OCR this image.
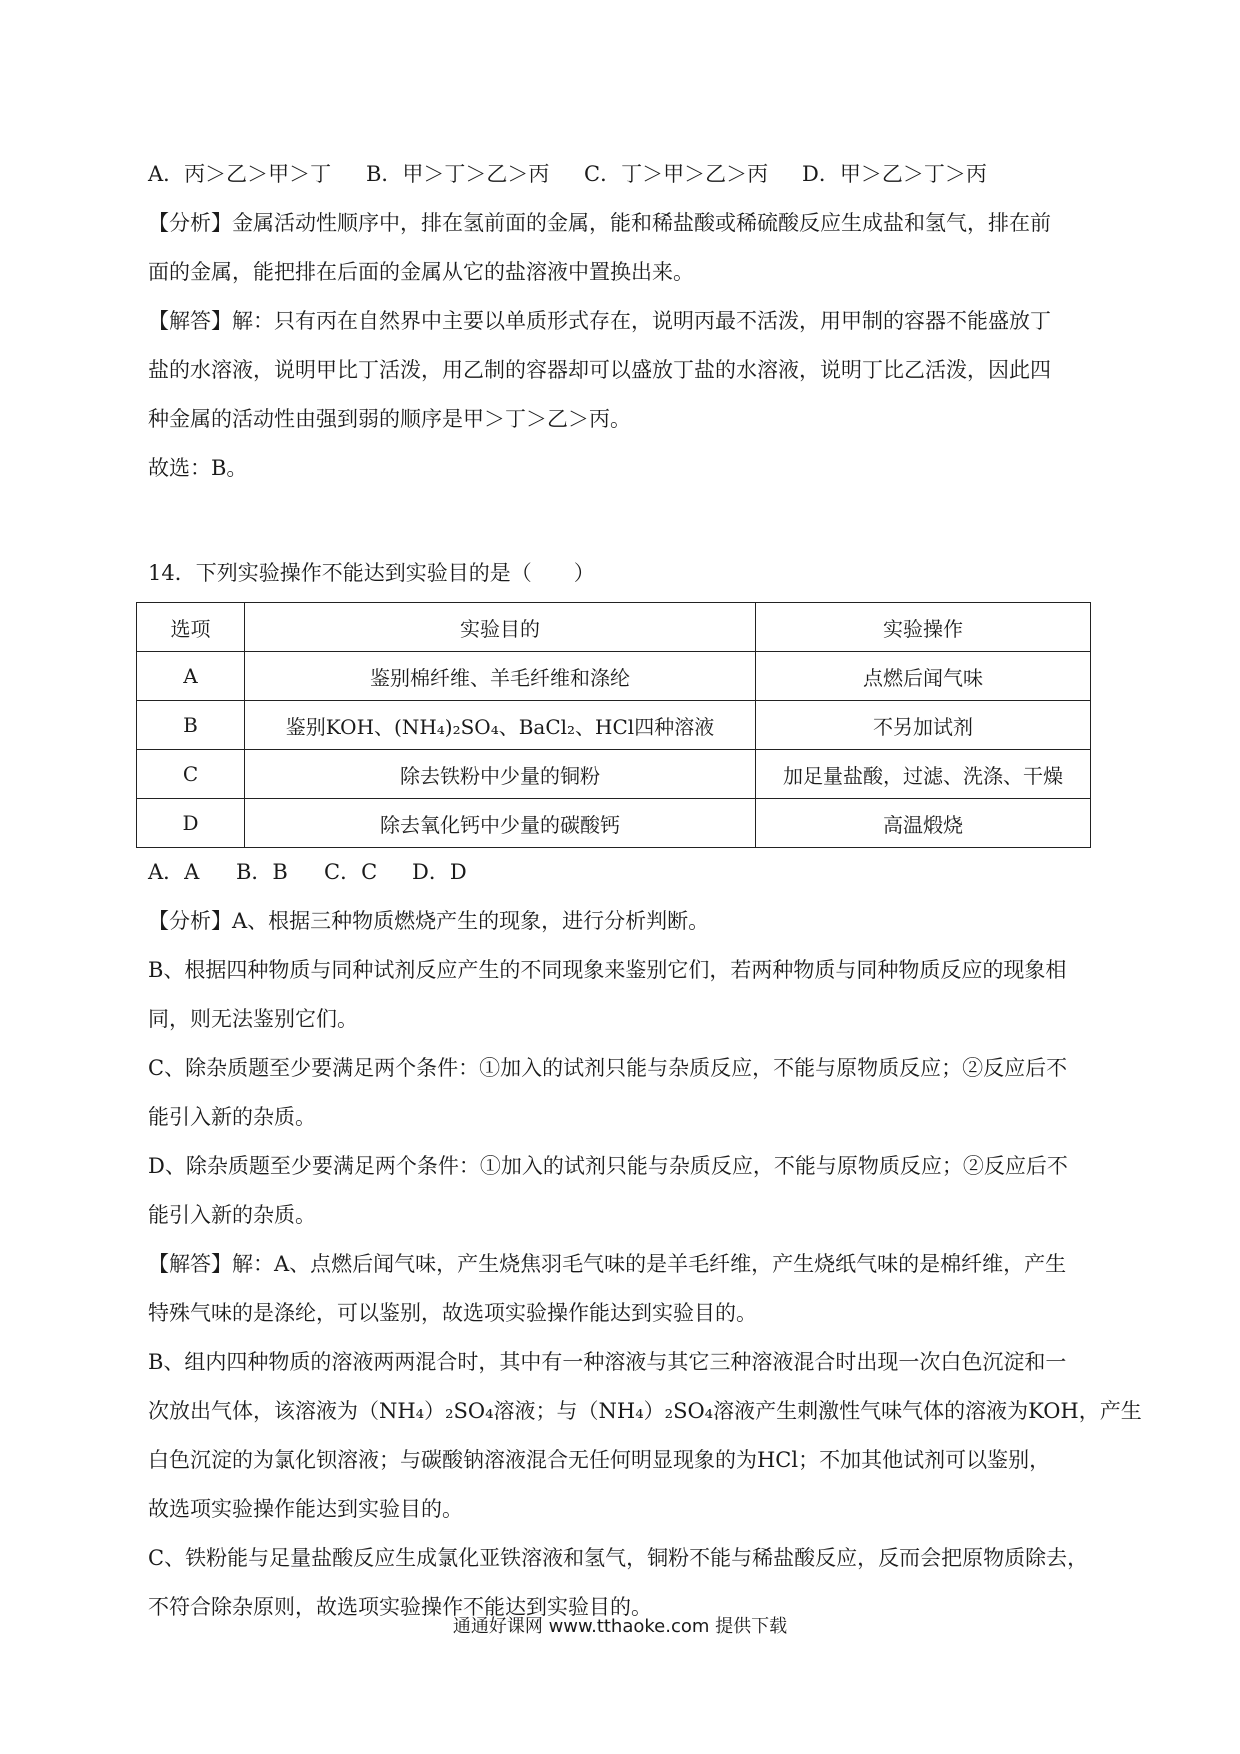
A．丙＞乙＞甲＞丁 B．甲＞丁＞乙＞丙 C．丁＞甲＞乙＞丙 D．甲＞乙＞丁＞丙

【分析】金属活动性顺序中，排在氢前面的金属，能和稀盐酸或稀硫酸反应生成盐和氢气，排在前

面的金属，能把排在后面的金属从它的盐溶液中置换出来。

【解答】解：只有丙在自然界中主要以单质形式存在，说明丙最不活泼，用甲制的容器不能盛放丁

盐的水溶液，说明甲比丁活泼，用乙制的容器却可以盛放丁盐的水溶液，说明丁比乙活泼，因此四

种金属的活动性由强到弱的顺序是甲＞丁＞乙＞丙。

故选：B。

14．下列实验操作不能达到实验目的是（　　）

选项	实验目的	实验操作
A	鉴别棉纤维、羊毛纤维和涤纶	点燃后闻气味
B	鉴别KOH、(NH₄)₂SO₄、BaCl₂、HCl四种溶液	不另加试剂
C	除去铁粉中少量的铜粉	加足量盐酸，过滤、洗涤、干燥
D	除去氧化钙中少量的碳酸钙	高温煅烧

A．A B．B C．C D．D

【分析】A、根据三种物质燃烧产生的现象，进行分析判断。

B、根据四种物质与同种试剂反应产生的不同现象来鉴别它们，若两种物质与同种物质反应的现象相

同，则无法鉴别它们。

C、除杂质题至少要满足两个条件：①加入的试剂只能与杂质反应，不能与原物质反应；②反应后不

能引入新的杂质。

D、除杂质题至少要满足两个条件：①加入的试剂只能与杂质反应，不能与原物质反应；②反应后不

能引入新的杂质。

【解答】解：A、点燃后闻气味，产生烧焦羽毛气味的是羊毛纤维，产生烧纸气味的是棉纤维，产生

特殊气味的是涤纶，可以鉴别，故选项实验操作能达到实验目的。

B、组内四种物质的溶液两两混合时，其中有一种溶液与其它三种溶液混合时出现一次白色沉淀和一

次放出气体，该溶液为（NH₄）₂SO₄溶液；与（NH₄）₂SO₄溶液产生刺激性气味气体的溶液为KOH，产生

白色沉淀的为氯化钡溶液；与碳酸钠溶液混合无任何明显现象的为HCl；不加其他试剂可以鉴别，

故选项实验操作能达到实验目的。

C、铁粉能与足量盐酸反应生成氯化亚铁溶液和氢气，铜粉不能与稀盐酸反应，反而会把原物质除去，

不符合除杂原则，故选项实验操作不能达到实验目的。

通通好课网 www.tthaoke.com 提供下载
